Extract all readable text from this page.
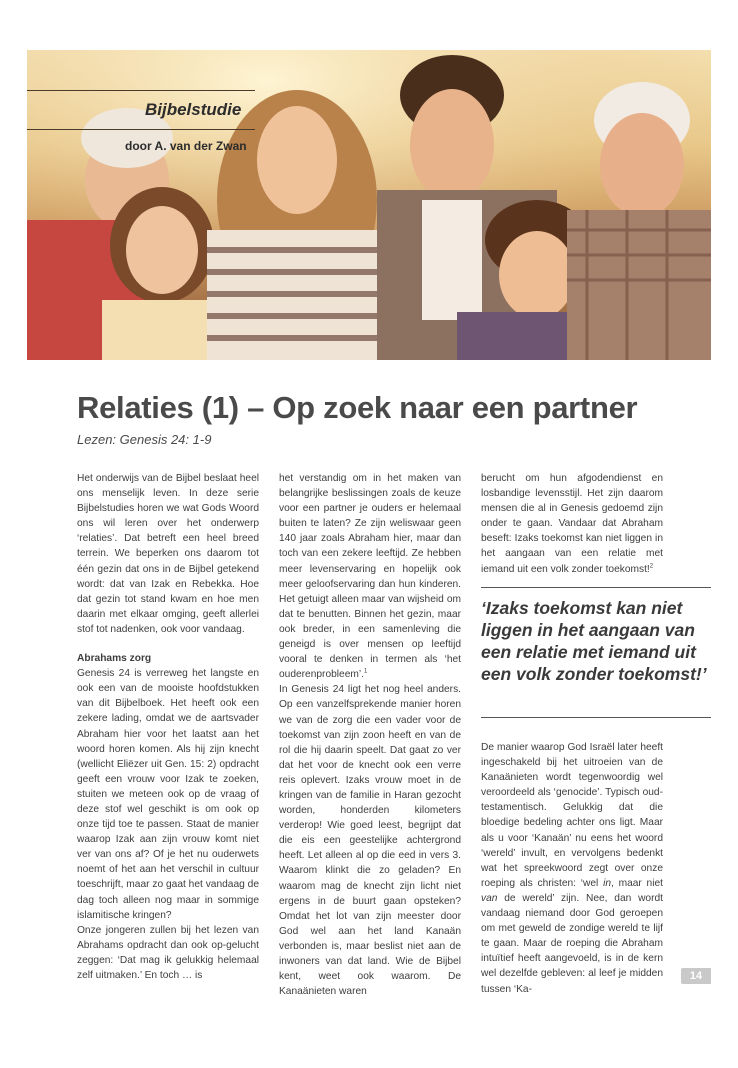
Bijbelstudie
door A. van der Zwan
Relaties (1) – Op zoek naar een partner
Lezen: Genesis 24: 1-9

Het onderwijs van de Bijbel beslaat heel ons menselijk leven. In deze serie Bijbelstudies horen we wat Gods Woord ons wil leren over het onderwerp ‘relaties’. Dat betreft een heel breed terrein. We beperken ons daarom tot één gezin dat ons in de Bijbel getekend wordt: dat van Izak en Rebekka. Hoe dat gezin tot stand kwam en hoe men daarin met elkaar omging, geeft allerlei stof tot nadenken, ook voor vandaag.

Abrahams zorg

Genesis 24 is verreweg het langste en ook een van de mooiste hoofdstukken van dit Bijbelboek. Het heeft ook een zekere lading, omdat we de aartsvader Abraham hier voor het laatst aan het woord horen komen. Als hij zijn knecht (wellicht Eliëzer uit Gen. 15: 2) opdracht geeft een vrouw voor Izak te zoeken, stuiten we meteen ook op de vraag of deze stof wel geschikt is om ook op onze tijd toe te passen. Staat de manier waarop Izak aan zijn vrouw komt niet ver van ons af? Of je het nu ouderwets noemt of het aan het verschil in cultuur toeschrijft, maar zo gaat het vandaag de dag toch alleen nog maar in sommige islamitische kringen?

Onze jongeren zullen bij het lezen van Abrahams opdracht dan ook op-gelucht zeggen: ‘Dat mag ik gelukkig helemaal zelf uitmaken.’ En toch … is

het verstandig om in het maken van belangrijke beslissingen zoals de keuze voor een partner je ouders er helemaal buiten te laten? Ze zijn weliswaar geen 140 jaar zoals Abraham hier, maar dan toch van een zekere leeftijd. Ze hebben meer levenservaring en hopelijk ook meer geloofservaring dan hun kinderen. Het getuigt alleen maar van wijsheid om dat te benutten. Binnen het gezin, maar ook breder, in een samenleving die geneigd is over mensen op leeftijd vooral te denken in termen als ‘het ouderenprobleem’.$^1$

In Genesis 24 ligt het nog heel anders. Op een vanzelfsprekende manier horen we van de zorg die een vader voor de toekomst van zijn zoon heeft en van de rol die hij daarin speelt. Dat gaat zo ver dat het voor de knecht ook een verre reis oplevert. Izaks vrouw moet in de kringen van de familie in Haran gezocht worden, honderden kilometers verderop! Wie goed leest, begrijpt dat die eis een geestelijke achtergrond heeft. Let alleen al op die eed in vers 3. Waarom klinkt die zo geladen? En waarom mag de knecht zijn licht niet ergens in de buurt gaan opsteken? Omdat het lot van zijn meester door God wel aan het land Kanaän verbonden is, maar beslist niet aan de inwoners van dat land. Wie de Bijbel kent, weet ook waarom. De Kanaänieten waren

berucht om hun afgodendienst en losbandige levensstijl. Het zijn daarom mensen die al in Genesis gedoemd zijn onder te gaan. Vandaar dat Abraham beseft: Izaks toekomst kan niet liggen in het aangaan van een relatie met iemand uit een volk zonder toekomst!$^2$

‘Izaks toekomst kan niet liggen in het aangaan van een relatie met iemand uit een volk zonder toekomst!’

De manier waarop God Israël later heeft ingeschakeld bij het uitroeien van de Kanaänieten wordt tegenwoordig wel veroordeeld als ‘genocide’. Typisch oud-testamentisch. Gelukkig dat die bloedige bedeling achter ons ligt. Maar als u voor ‘Kanaän’ nu eens het woord ‘wereld’ invult, en vervolgens bedenkt wat het spreekwoord zegt over onze roeping als christen: ‘wel in, maar niet van de wereld’ zijn. Nee, dan wordt vandaag niemand door God geroepen om met geweld de zondige wereld te lijf te gaan. Maar de roeping die Abraham intuïtief heeft aangevoeld, is in de kern wel dezelfde gebleven: al leef je midden tussen ‘Ka-

14
